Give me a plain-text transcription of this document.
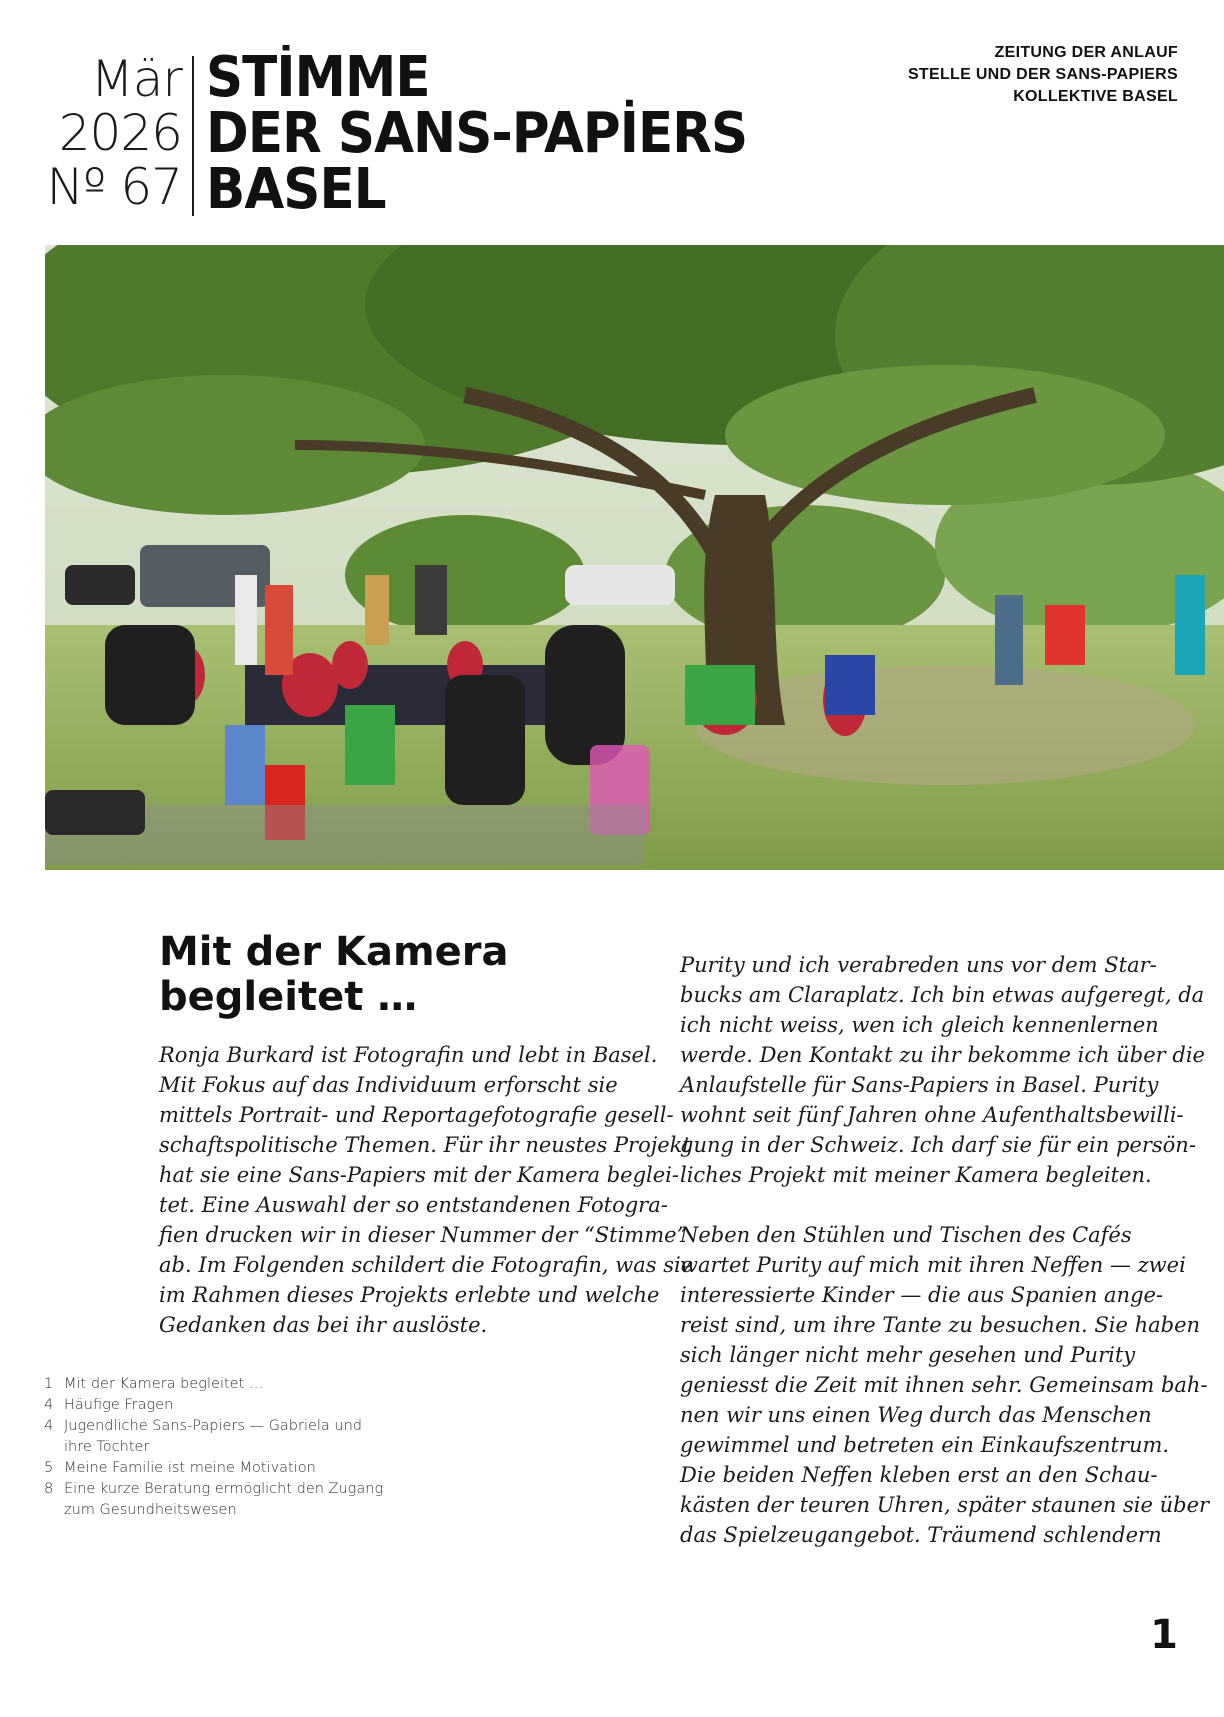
Mär
2026
Nº 67
STİMME
DER SANS-PAPİERS
BASEL
ZEITUNG DER ANLAUF
STELLE UND DER SANS-PAPIERS
KOLLEKTIVE BASEL
Mit der Kamera
begleitet …
Ronja Burkard ist Fotografin und lebt in Basel.
Mit Fokus auf das Individuum erforscht sie
mittels Portrait- und Reportagefotografie gesell-
schaftspolitische Themen. Für ihr neustes Projekt
hat sie eine Sans-Papiers mit der Kamera beglei-
tet. Eine Auswahl der so entstandenen Fotogra-
fien drucken wir in dieser Nummer der “Stimme”
ab. Im Folgenden schildert die Fotografin, was sie
im Rahmen dieses Projekts erlebte und welche
Gedanken das bei ihr auslöste.
Purity und ich verabreden uns vor dem Star-
bucks am Claraplatz. Ich bin etwas aufgeregt, da
ich nicht weiss, wen ich gleich kennenlernen
werde. Den Kontakt zu ihr bekomme ich über die
Anlaufstelle für Sans-Papiers in Basel. Purity
wohnt seit fünf Jahren ohne Aufenthaltsbewilli-
gung in der Schweiz. Ich darf sie für ein persön-
liches Projekt mit meiner Kamera begleiten.
Neben den Stühlen und Tischen des Cafés
wartet Purity auf mich mit ihren Neffen — zwei
interessierte Kinder — die aus Spanien ange-
reist sind, um ihre Tante zu besuchen. Sie haben
sich länger nicht mehr gesehen und Purity
geniesst die Zeit mit ihnen sehr. Gemeinsam bah-
nen wir uns einen Weg durch das Menschen
gewimmel und betreten ein Einkaufszentrum.
Die beiden Neffen kleben erst an den Schau-
kästen der teuren Uhren, später staunen sie über
das Spielzeugangebot. Träumend schlendern
1 Mit der Kamera begleitet …
4 Häufige Fragen
4 Jugendliche Sans-Papiers — Gabriela und
ihre Töchter
5 Meine Familie ist meine Motivation
8 Eine kurze Beratung ermöglicht den Zugang
zum Gesundheitswesen
1
